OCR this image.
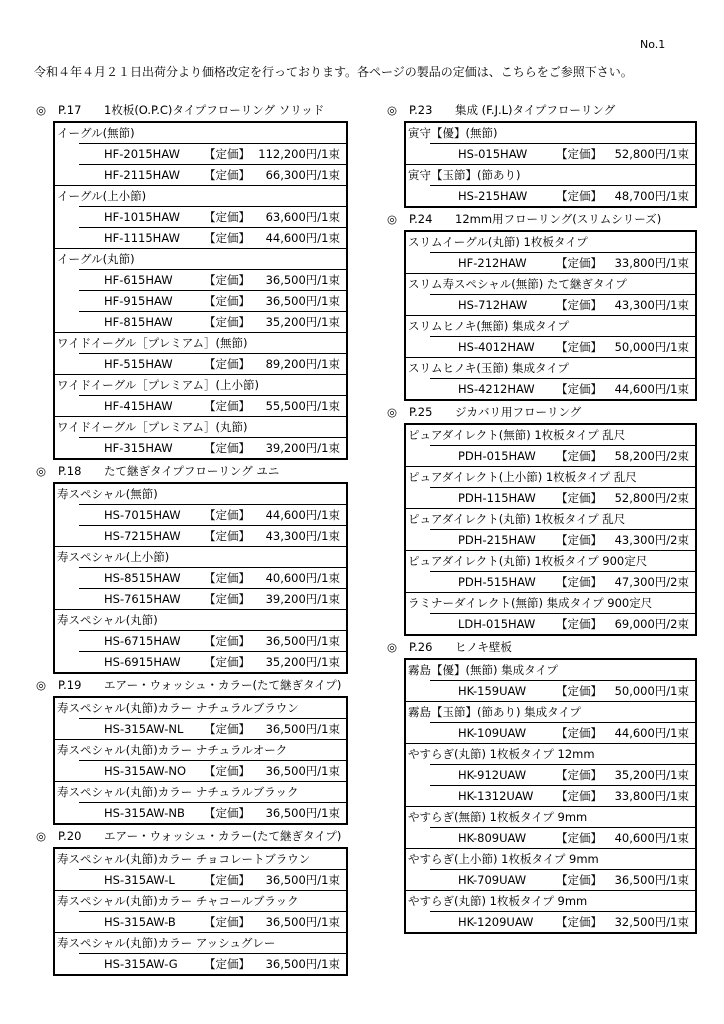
No.1
令和４年４月２１日出荷分より価格改定を行っております。各ページの製品の定価は、こちらをご参照下さい。
◎ P.17 1枚板(O.P.C)タイプフローリング ソリッド
イーグル(無節)
HF-2015HAW 【定価】 112,200円/1束
HF-2115HAW 【定価】 66,300円/1束
イーグル(上小節)
HF-1015HAW 【定価】 63,600円/1束
HF-1115HAW 【定価】 44,600円/1束
イーグル(丸節)
HF-615HAW	【定価】 36,500円/1束
HF-915HAW	【定価】 36,500円/1束
HF-815HAW	【定価】 35,200円/1束
ワイドイーグル［プレミアム］(無節)
HF-515HAW	【定価】 89,200円/1束
ワイドイーグル［プレミアム］(上小節)
HF-415HAW	【定価】 55,500円/1束
ワイドイーグル［プレミアム］(丸節)
HF-315HAW	【定価】 39,200円/1束
◎ P.18 たて継ぎタイプフローリング ユニ
寿スペシャル(無節)
HS-7015HAW 【定価】 44,600円/1束
HS-7215HAW 【定価】 43,300円/1束
寿スペシャル(上小節)
HS-8515HAW 【定価】 40,600円/1束
HS-7615HAW 【定価】 39,200円/1束
寿スペシャル(丸節)
HS-6715HAW 【定価】 36,500円/1束
HS-6915HAW 【定価】 35,200円/1束
◎ P.19 エアー・ウォッシュ・カラー(たて継ぎタイプ)
寿スペシャル(丸節)カラー ナチュラルブラウン
HS-315AW-NL 【定価】 36,500円/1束
寿スペシャル(丸節)カラー ナチュラルオーク
HS-315AW-NO 【定価】 36,500円/1束
寿スペシャル(丸節)カラー ナチュラルブラック
HS-315AW-NB 【定価】 36,500円/1束
◎ P.20 エアー・ウォッシュ・カラー(たて継ぎタイプ)
寿スペシャル(丸節)カラー チョコレートブラウン
HS-315AW-L	【定価】 36,500円/1束
寿スペシャル(丸節)カラー チャコールブラック
HS-315AW-B 【定価】 36,500円/1束
寿スペシャル(丸節)カラー アッシュグレー
HS-315AW-G 【定価】 36,500円/1束
◎ P.23 集成 (F.J.L)タイプフローリング
寅守【優】(無節)
HS-015HAW 【定価】 52,800円/1束
寅守【玉節】(節あり)
HS-215HAW 【定価】 48,700円/1束
◎ P.24 12mm用フローリング(スリムシリーズ)
スリムイーグル(丸節) 1枚板タイプ
HF-212HAW	【定価】 33,800円/1束
スリム寿スペシャル(無節) たて継ぎタイプ
HS-712HAW 【定価】 43,300円/1束
スリムヒノキ(無節) 集成タイプ
HS-4012HAW 【定価】 50,000円/1束
スリムヒノキ(玉節) 集成タイプ
HS-4212HAW 【定価】 44,600円/1束
◎ P.25 ジカバリ用フローリング
ピュアダイレクト(無節) 1枚板タイプ 乱尺
PDH-015HAW 【定価】 58,200円/2束
ピュアダイレクト(上小節) 1枚板タイプ 乱尺
PDH-115HAW 【定価】 52,800円/2束
ピュアダイレクト(丸節) 1枚板タイプ 乱尺
PDH-215HAW 【定価】 43,300円/2束
ピュアダイレクト(丸節) 1枚板タイプ 900定尺
PDH-515HAW 【定価】 47,300円/2束
ラミナーダイレクト(無節) 集成タイプ 900定尺
LDH-015HAW 【定価】 69,000円/2束
◎ P.26 ヒノキ壁板
霧島【優】(無節) 集成タイプ
HK-159UAW	【定価】 50,000円/1束
霧島【玉節】(節あり) 集成タイプ
HK-109UAW	【定価】 44,600円/1束
やすらぎ(丸節) 1枚板タイプ 12mm
HK-912UAW	【定価】 35,200円/1束
HK-1312UAW 【定価】 33,800円/1束
やすらぎ(無節) 1枚板タイプ 9mm
HK-809UAW	【定価】 40,600円/1束
やすらぎ(上小節) 1枚板タイプ 9mm
HK-709UAW	【定価】 36,500円/1束
やすらぎ(丸節) 1枚板タイプ 9mm
HK-1209UAW 【定価】 32,500円/1束
